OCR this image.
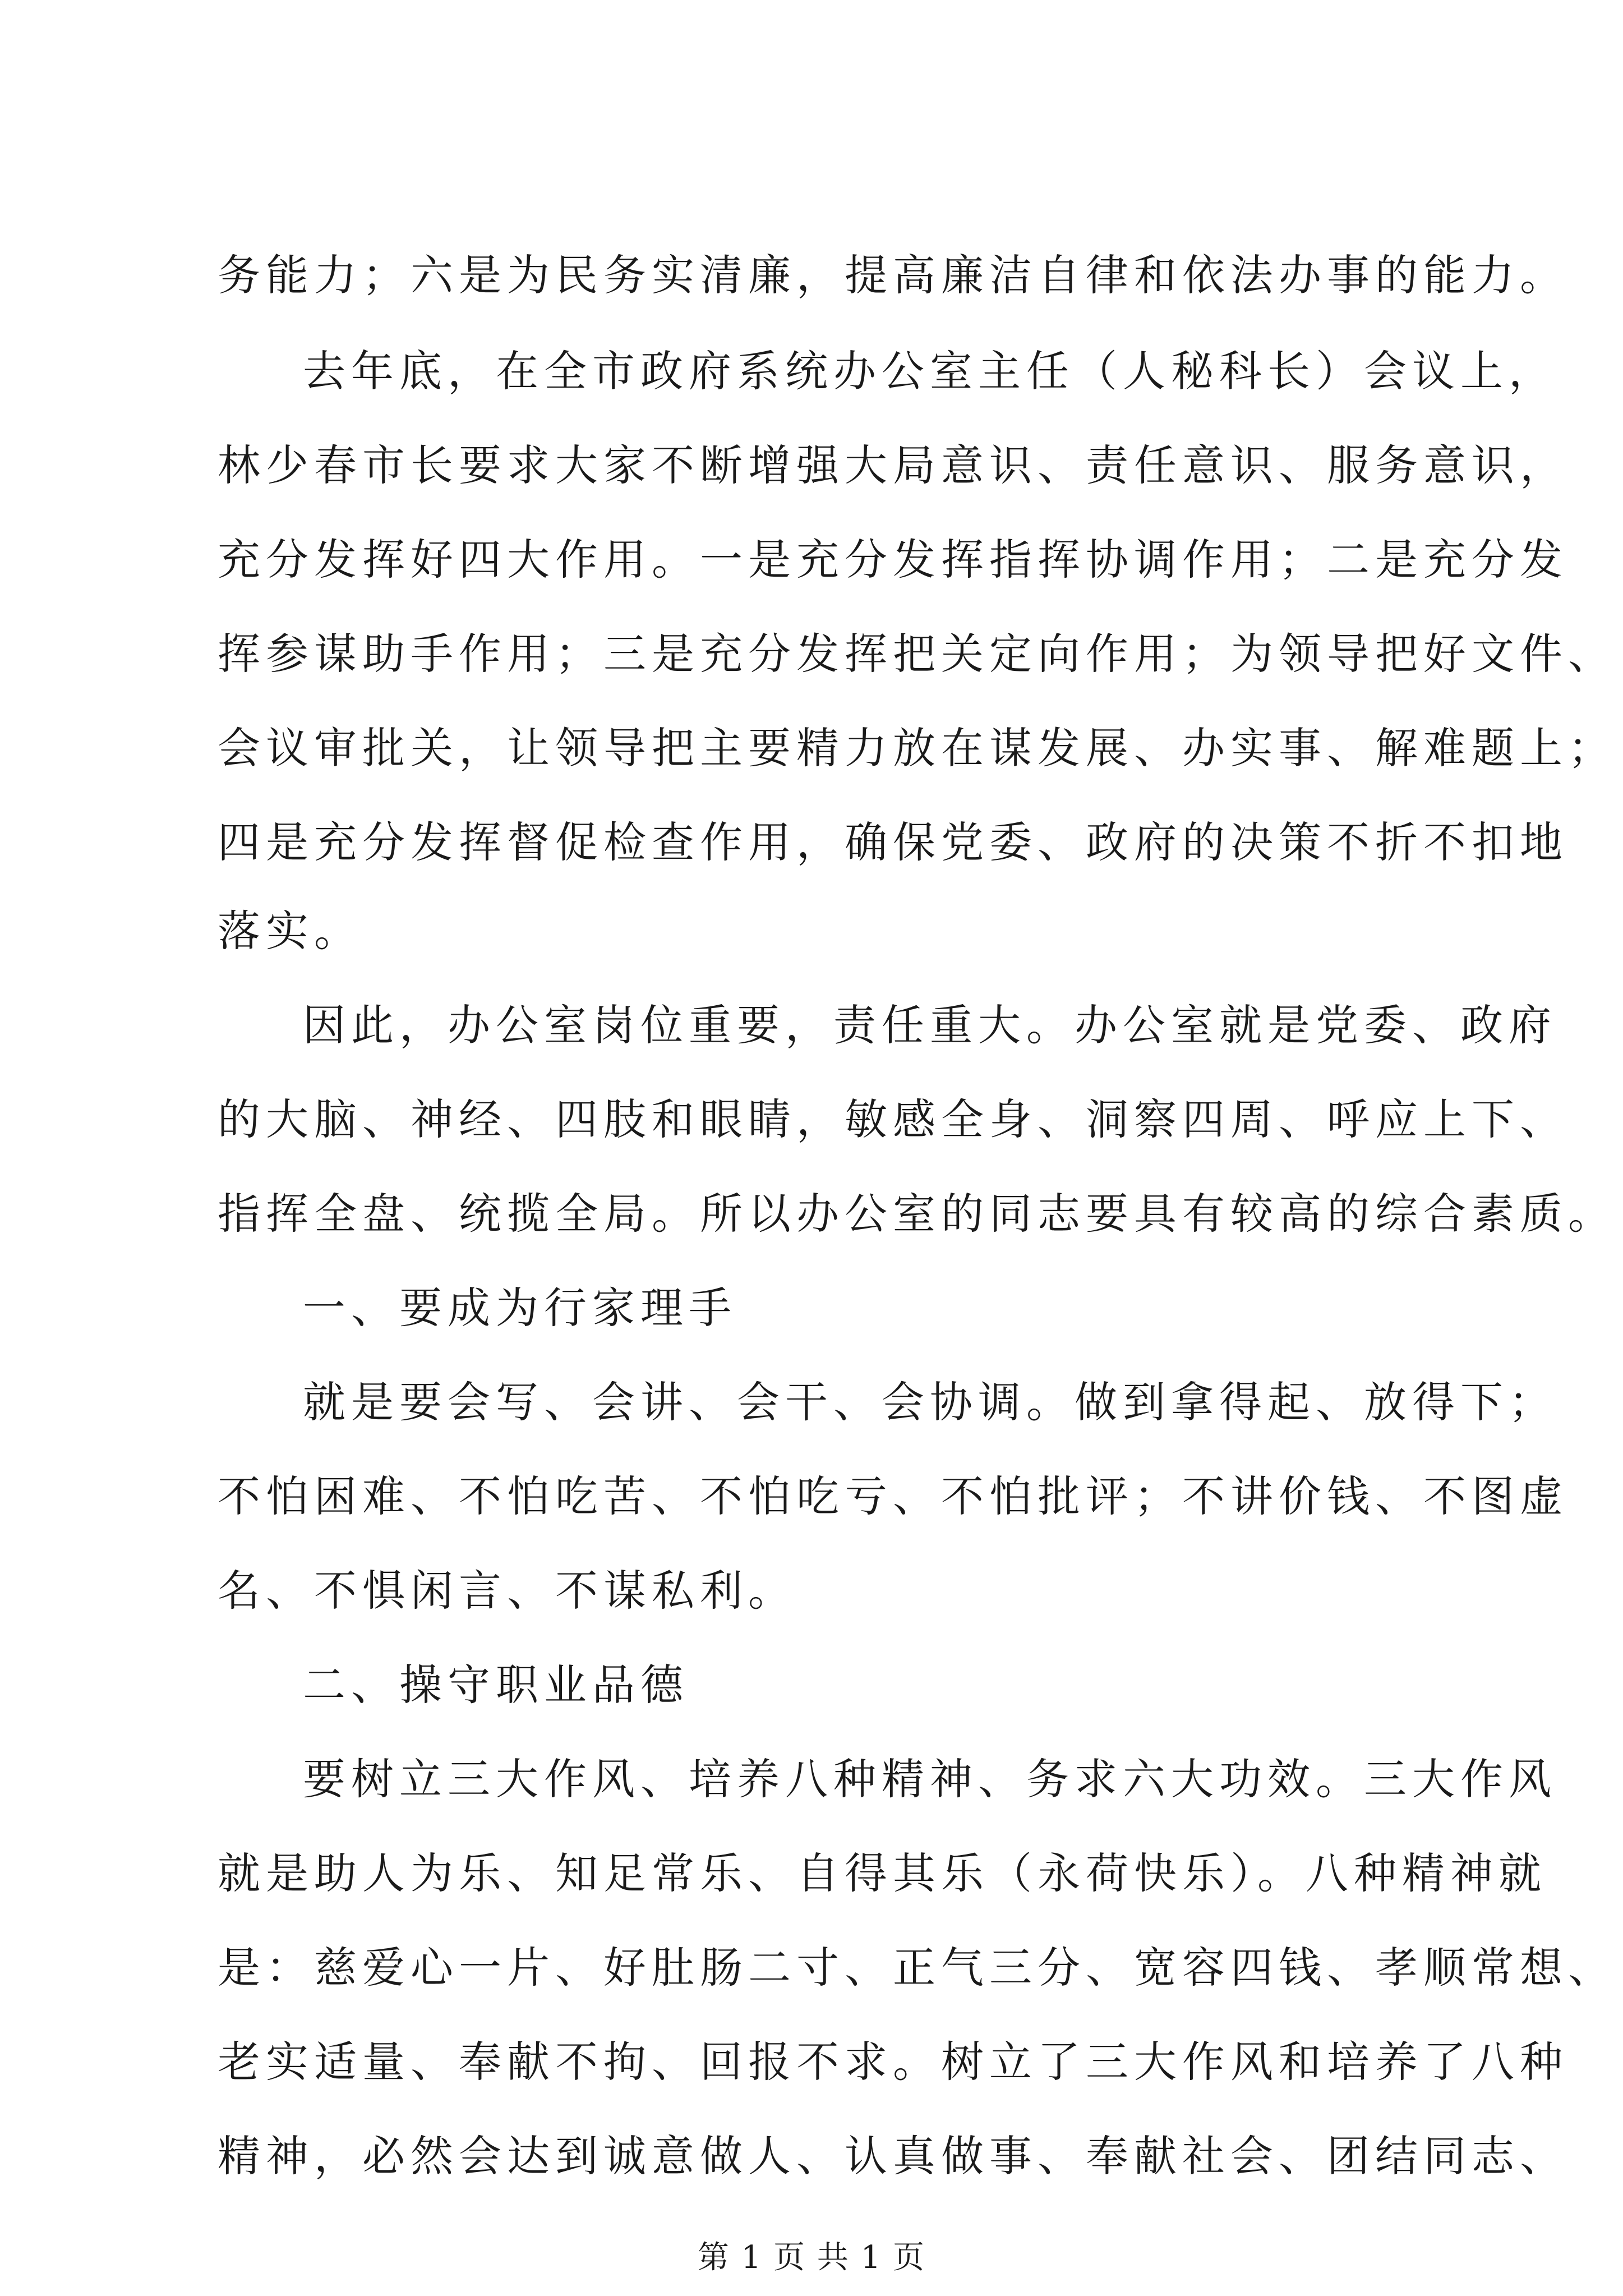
务能力；六是为民务实清廉，提高廉洁自律和依法办事的能力。
去年底，在全市政府系统办公室主任（人秘科长）会议上，
林少春市长要求大家不断增强大局意识、责任意识、服务意识，
充分发挥好四大作用。一是充分发挥指挥协调作用；二是充分发
挥参谋助手作用；三是充分发挥把关定向作用；为领导把好文件、
会议审批关，让领导把主要精力放在谋发展、办实事、解难题上；
四是充分发挥督促检查作用，确保党委、政府的决策不折不扣地
落实。
因此，办公室岗位重要，责任重大。办公室就是党委、政府
的大脑、神经、四肢和眼睛，敏感全身、洞察四周、呼应上下、
指挥全盘、统揽全局。所以办公室的同志要具有较高的综合素质。
一、要成为行家理手
就是要会写、会讲、会干、会协调。做到拿得起、放得下；
不怕困难、不怕吃苦、不怕吃亏、不怕批评；不讲价钱、不图虚
名、不惧闲言、不谋私利。
二、操守职业品德
要树立三大作风、培养八种精神、务求六大功效。三大作风
就是助人为乐、知足常乐、自得其乐（永荷快乐）。八种精神就
是：慈爱心一片、好肚肠二寸、正气三分、宽容四钱、孝顺常想、
老实适量、奉献不拘、回报不求。树立了三大作风和培养了八种
精神，必然会达到诚意做人、认真做事、奉献社会、团结同志、
第 1 页 共 1 页
